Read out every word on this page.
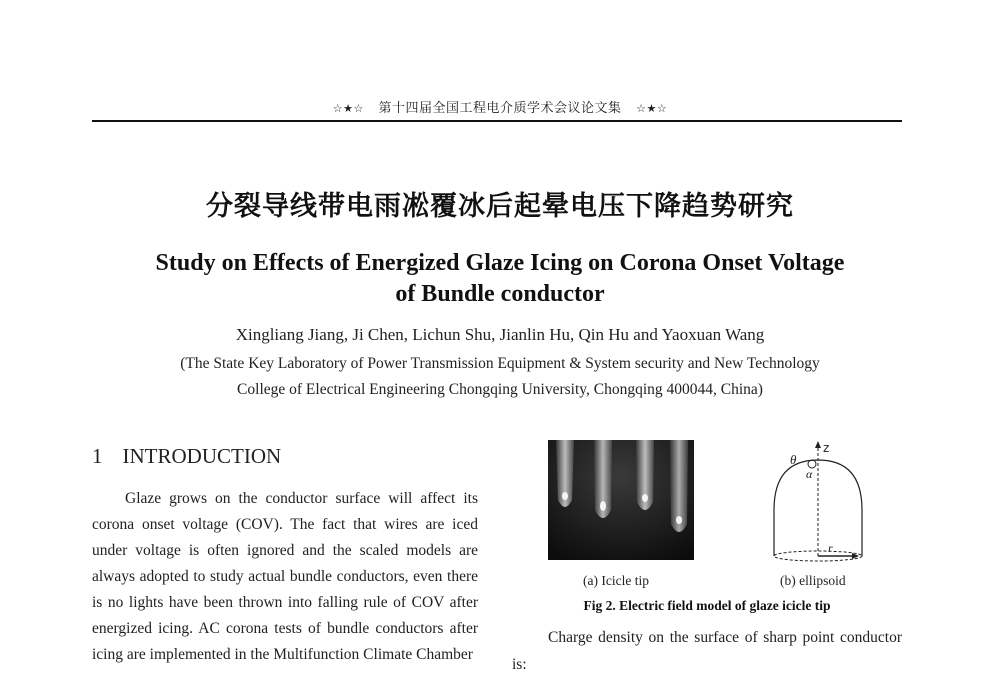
☆★☆ 第十四届全国工程电介质学术会议论文集 ☆★☆
分裂导线带电雨凇覆冰后起晕电压下降趋势研究
Study on Effects of Energized Glaze Icing on Corona Onset Voltage
of Bundle conductor
Xingliang Jiang, Ji Chen, Lichun Shu, Jianlin Hu, Qin Hu and Yaoxuan Wang
(The State Key Laboratory of Power Transmission Equipment & System security and New Technology
College of Electrical Engineering Chongqing University, Chongqing 400044, China)
1 INTRODUCTION

Glaze grows on the conductor surface will affect its corona onset voltage (COV). The fact that wires are iced under voltage is often ignored and the scaled models are always adopted to study actual bundle conductors, even there is no lights have been thrown into falling rule of COV after energized icing. AC corona tests of bundle conductors after icing are implemented in the Multifunction Climate Chamber

z
θ
α
r
(a) Icicle tip	(b) ellipsoid
Fig 2. Electric field model of glaze icicle tip

Charge density on the surface of sharp point conductor is:
